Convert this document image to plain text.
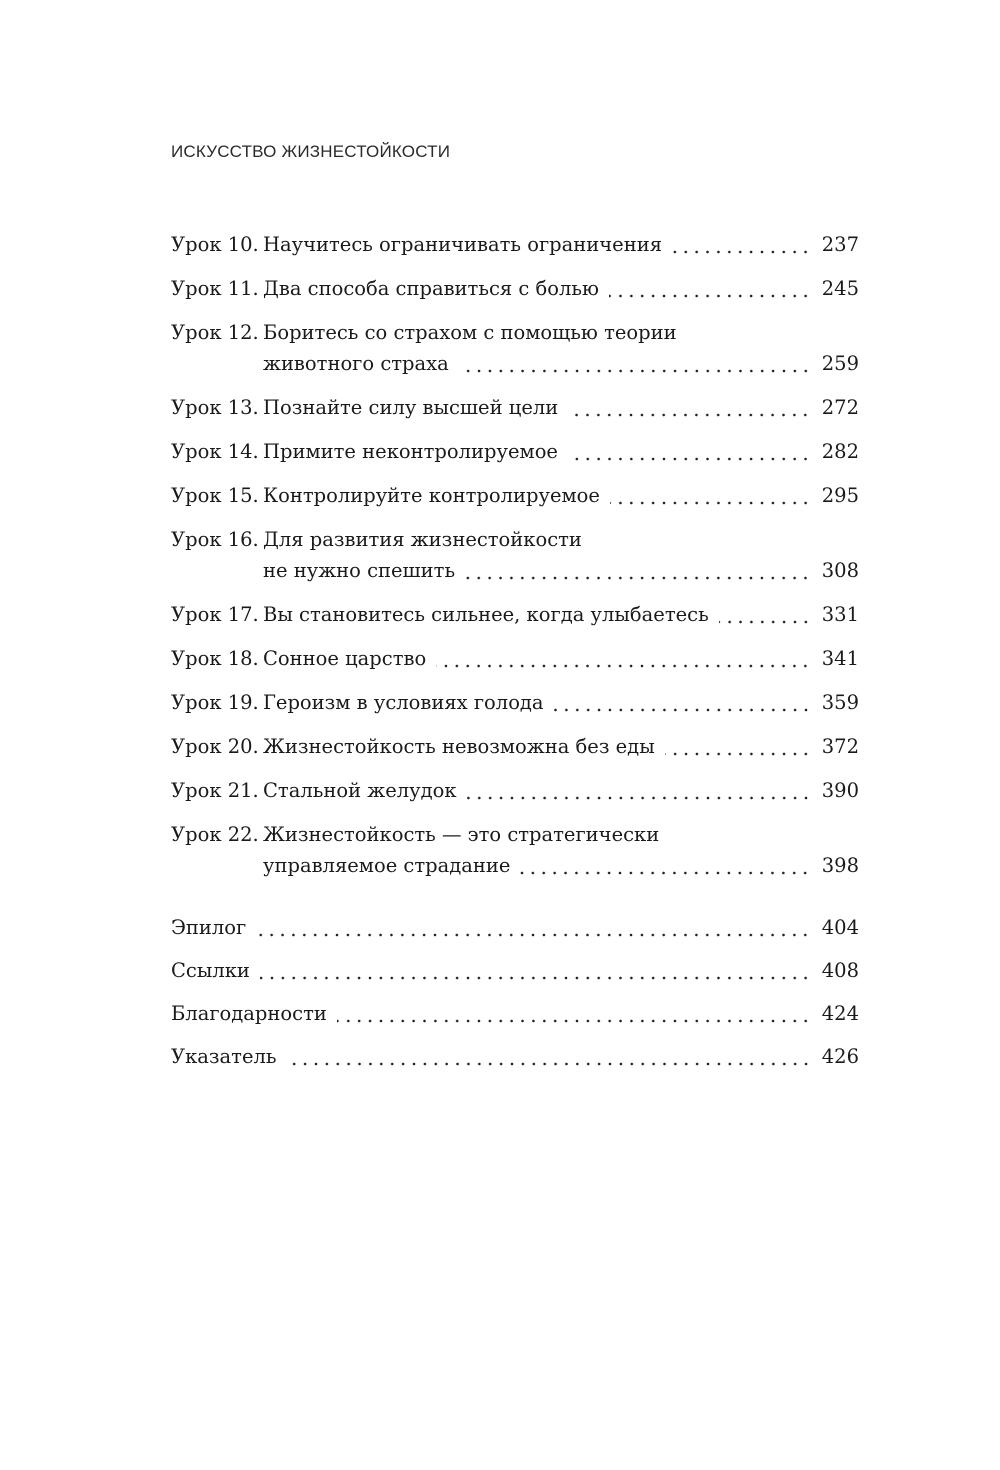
ИСКУССТВО ЖИЗНЕСТОЙКОСТИ
Урок 10. Научитесь ограничивать ограничения	237
Урок 11. Два способа справиться с болью	245
Урок 12. Боритесь со страхом с помощью теории
животного страха	259
Урок 13. Познайте силу высшей цели	272
Урок 14. Примите неконтролируемое	282
Урок 15. Контролируйте контролируемое	295
Урок 16. Для развития жизнестойкости
не нужно спешить	308
Урок 17. Вы становитесь сильнее, когда улыбаетесь	331
Урок 18. Сонное царство	341
Урок 19. Героизм в условиях голода	359
Урок 20. Жизнестойкость невозможна без еды	372
Урок 21. Стальной желудок	390
Урок 22. Жизнестойкость — это стратегически
управляемое страдание	398
Эпилог	404
Ссылки	408
Благодарности	424
Указатель	426
